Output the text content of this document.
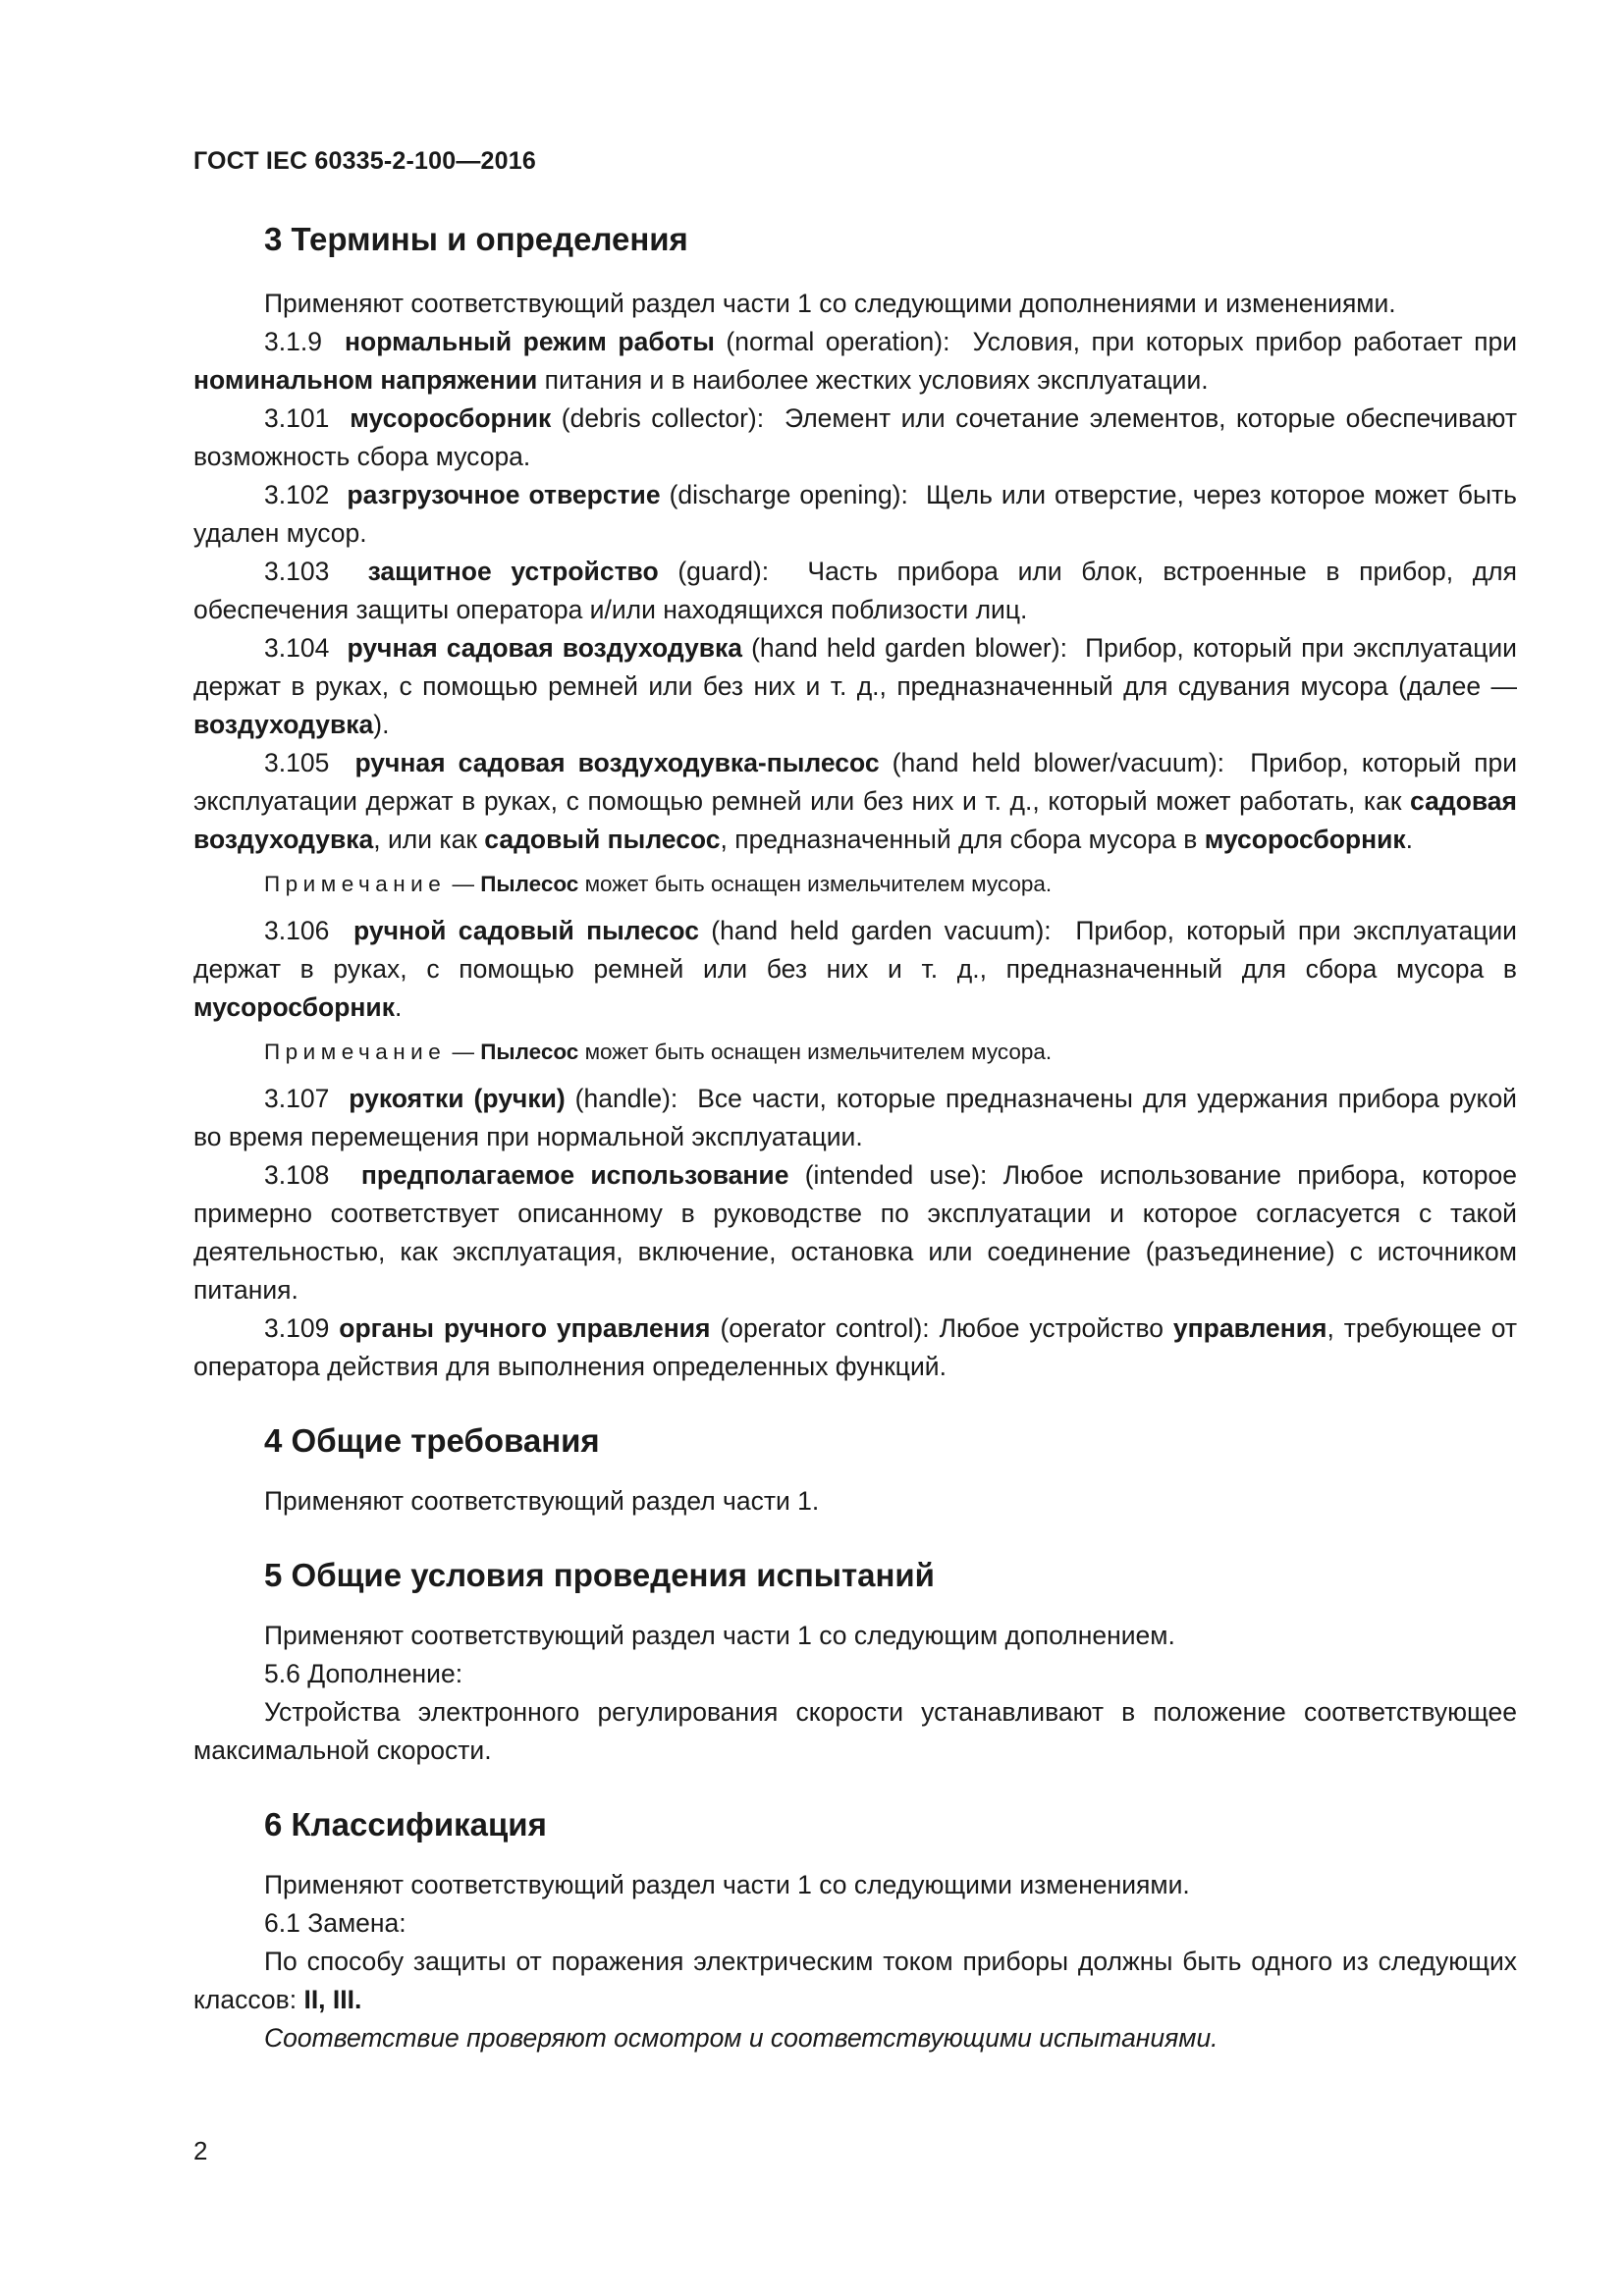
ГОСТ IEC 60335-2-100—2016
3 Термины и определения

Применяют соответствующий раздел части 1 со следующими дополнениями и изменениями.

3.1.9 нормальный режим работы (normal operation): Условия, при которых прибор работает при номинальном напряжении питания и в наиболее жестких условиях эксплуатации.

3.101 мусоросборник (debris collector): Элемент или сочетание элементов, которые обеспечивают возможность сбора мусора.

3.102 разгрузочное отверстие (discharge opening): Щель или отверстие, через которое может быть удален мусор.

3.103 защитное устройство (guard): Часть прибора или блок, встроенные в прибор, для обеспечения защиты оператора и/или находящихся поблизости лиц.

3.104 ручная садовая воздуходувка (hand held garden blower): Прибор, который при эксплуатации держат в руках, с помощью ремней или без них и т. д., предназначенный для сдувания мусора (далее — воздуходувка).

3.105 ручная садовая воздуходувка-пылесос (hand held blower/vacuum): Прибор, который при эксплуатации держат в руках, с помощью ремней или без них и т. д., который может работать, как садовая воздуходувка, или как садовый пылесос, предназначенный для сбора мусора в мусоросборник.

Примечание — Пылесос может быть оснащен измельчителем мусора.

3.106 ручной садовый пылесос (hand held garden vacuum): Прибор, который при эксплуатации держат в руках, с помощью ремней или без них и т. д., предназначенный для сбора мусора в мусоросборник.

Примечание — Пылесос может быть оснащен измельчителем мусора.

3.107 рукоятки (ручки) (handle): Все части, которые предназначены для удержания прибора рукой во время перемещения при нормальной эксплуатации.

3.108 предполагаемое использование (intended use): Любое использование прибора, которое примерно соответствует описанному в руководстве по эксплуатации и которое согласуется с такой деятельностью, как эксплуатация, включение, остановка или соединение (разъединение) с источником питания.

3.109 органы ручного управления (operator control): Любое устройство управления, требующее от оператора действия для выполнения определенных функций.

4 Общие требования

Применяют соответствующий раздел части 1.

5 Общие условия проведения испытаний

Применяют соответствующий раздел части 1 со следующим дополнением.

5.6 Дополнение:

Устройства электронного регулирования скорости устанавливают в положение соответствующее максимальной скорости.

6 Классификация

Применяют соответствующий раздел части 1 со следующими изменениями.

6.1 Замена:

По способу защиты от поражения электрическим током приборы должны быть одного из следующих классов: II, III.

Соответствие проверяют осмотром и соответствующими испытаниями.

2
